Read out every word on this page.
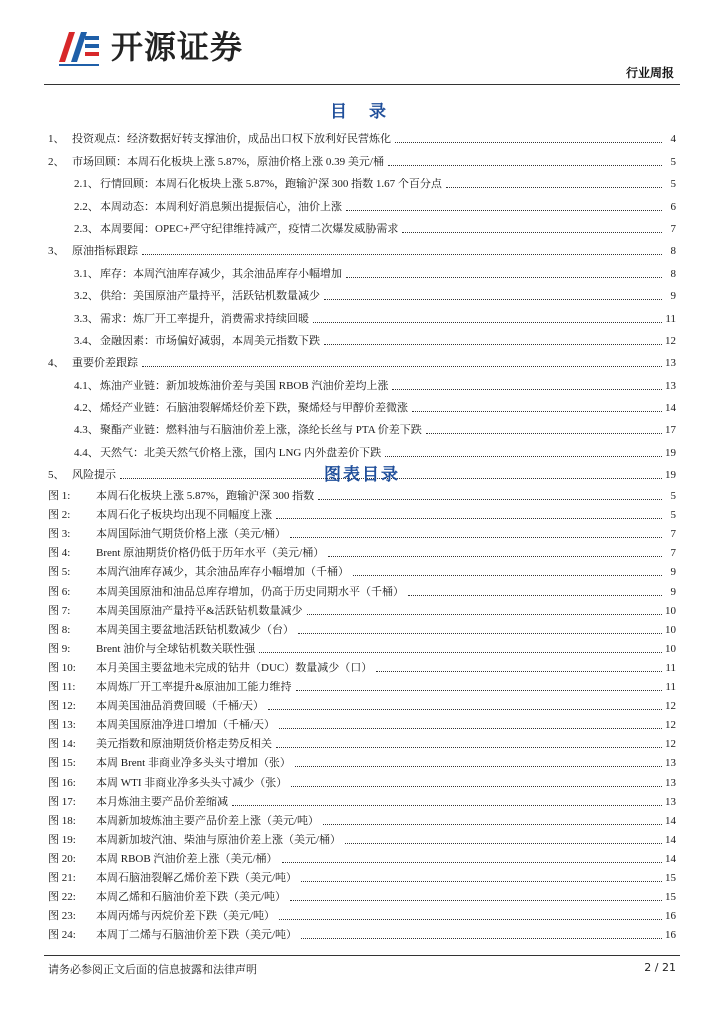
开源证券
行业周报
目 录
1、 投资观点：经济数据好转支撑油价，成品出口权下放利好民营炼化	4
2、 市场回顾：本周石化板块上涨 5.87%，原油价格上涨 0.39 美元/桶	5
2.1、 行情回顾：本周石化板块上涨 5.87%，跑输沪深 300 指数 1.67 个百分点	5
2.2、 本周动态：本周利好消息频出提振信心，油价上涨	6
2.3、 本周要闻：OPEC+严守纪律维持减产，疫情二次爆发威胁需求	7
3、 原油指标跟踪	8
3.1、 库存：本周汽油库存减少，其余油品库存小幅增加	8
3.2、 供给：美国原油产量持平，活跃钻机数量减少	9
3.3、 需求：炼厂开工率提升，消费需求持续回暖	11
3.4、 金融因素：市场偏好减弱，本周美元指数下跌	12
4、 重要价差跟踪	13
4.1、 炼油产业链：新加坡炼油价差与美国 RBOB 汽油价差均上涨	13
4.2、 烯烃产业链：石脑油裂解烯烃价差下跌，聚烯烃与甲醇价差微涨	14
4.3、 聚酯产业链：燃料油与石脑油价差上涨，涤纶长丝与 PTA 价差下跌	17
4.4、 天然气：北美天然气价格上涨，国内 LNG 内外盘差价下跌	19
5、 风险提示	19
图表目录
图 1:	本周石化板块上涨 5.87%，跑输沪深 300 指数	5
图 2:	本周石化子板块均出现不同幅度上涨	5
图 3:	本周国际油气期货价格上涨（美元/桶）	7
图 4:	Brent 原油期货价格仍低于历年水平（美元/桶）	7
图 5:	本周汽油库存减少，其余油品库存小幅增加（千桶）	9
图 6:	本周美国原油和油品总库存增加，仍高于历史同期水平（千桶）	9
图 7:	本周美国原油产量持平&活跃钻机数量减少	10
图 8:	本周美国主要盆地活跃钻机数减少（台）	10
图 9:	Brent 油价与全球钻机数关联性强	10
图 10:	本月美国主要盆地未完成的钻井（DUC）数量减少（口）	11
图 11:	本周炼厂开工率提升&原油加工能力维持	11
图 12:	本周美国油品消费回暖（千桶/天）	12
图 13:	本周美国原油净进口增加（千桶/天）	12
图 14:	美元指数和原油期货价格走势反相关	12
图 15:	本周 Brent 非商业净多头头寸增加（张）	13
图 16:	本周 WTI 非商业净多头头寸减少（张）	13
图 17:	本月炼油主要产品价差缩减	13
图 18:	本周新加坡炼油主要产品价差上涨（美元/吨）	14
图 19:	本周新加坡汽油、柴油与原油价差上涨（美元/桶）	14
图 20:	本周 RBOB 汽油价差上涨（美元/桶）	14
图 21:	本周石脑油裂解乙烯价差下跌（美元/吨）	15
图 22:	本周乙烯和石脑油价差下跌（美元/吨）	15
图 23:	本周丙烯与丙烷价差下跌（美元/吨）	16
图 24:	本周丁二烯与石脑油价差下跌（美元/吨）	16
请务必参阅正文后面的信息披露和法律声明	2 / 21
